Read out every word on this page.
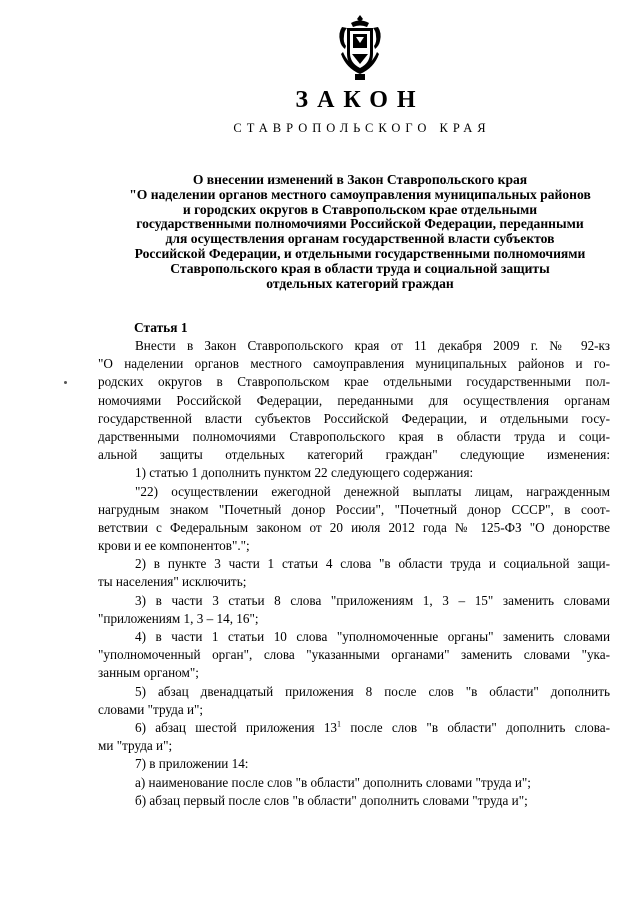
ЗАКОН
СТАВРОПОЛЬСКОГО КРАЯ
О внесении изменений в Закон Ставропольского края
"О наделении органов местного самоуправления муниципальных районов
и городских округов в Ставропольском крае отдельными
государственными полномочиями Российской Федерации, переданными
для осуществления органам государственной власти субъектов
Российской Федерации, и отдельными государственными полномочиями
Ставропольского края в области труда и социальной защиты
отдельных категорий граждан
Статья 1
Внести в Закон Ставропольского края от 11 декабря 2009 г. № 92-кз
"О наделении органов местного самоуправления муниципальных районов и го-
родских округов в Ставропольском крае отдельными государственными пол-
номочиями Российской Федерации, переданными для осуществления органам
государственной власти субъектов Российской Федерации, и отдельными госу-
дарственными полномочиями Ставропольского края в области труда и соци-
альной защиты отдельных категорий граждан" следующие изменения:
1) статью 1 дополнить пунктом 22 следующего содержания:
"22) осуществлении ежегодной денежной выплаты лицам, награжденным
нагрудным знаком "Почетный донор России", "Почетный донор СССР", в соот-
ветствии с Федеральным законом от 20 июля 2012 года № 125-ФЗ "О донорстве
крови и ее компонентов".";
2) в пункте 3 части 1 статьи 4 слова "в области труда и социальной защи-
ты населения" исключить;
3) в части 3 статьи 8 слова "приложениям 1, 3 – 15" заменить словами
"приложениям 1, 3 – 14, 16";
4) в части 1 статьи 10 слова "уполномоченные органы" заменить словами
"уполномоченный орган", слова "указанными органами" заменить словами "ука-
занным органом";
5) абзац двенадцатый приложения 8 после слов "в области" дополнить
словами "труда и";
6) абзац шестой приложения $13^1$ после слов "в области" дополнить слова-
ми "труда и";
7) в приложении 14:
а) наименование после слов "в области" дополнить словами "труда и";
б) абзац первый после слов "в области" дополнить словами "труда и";
